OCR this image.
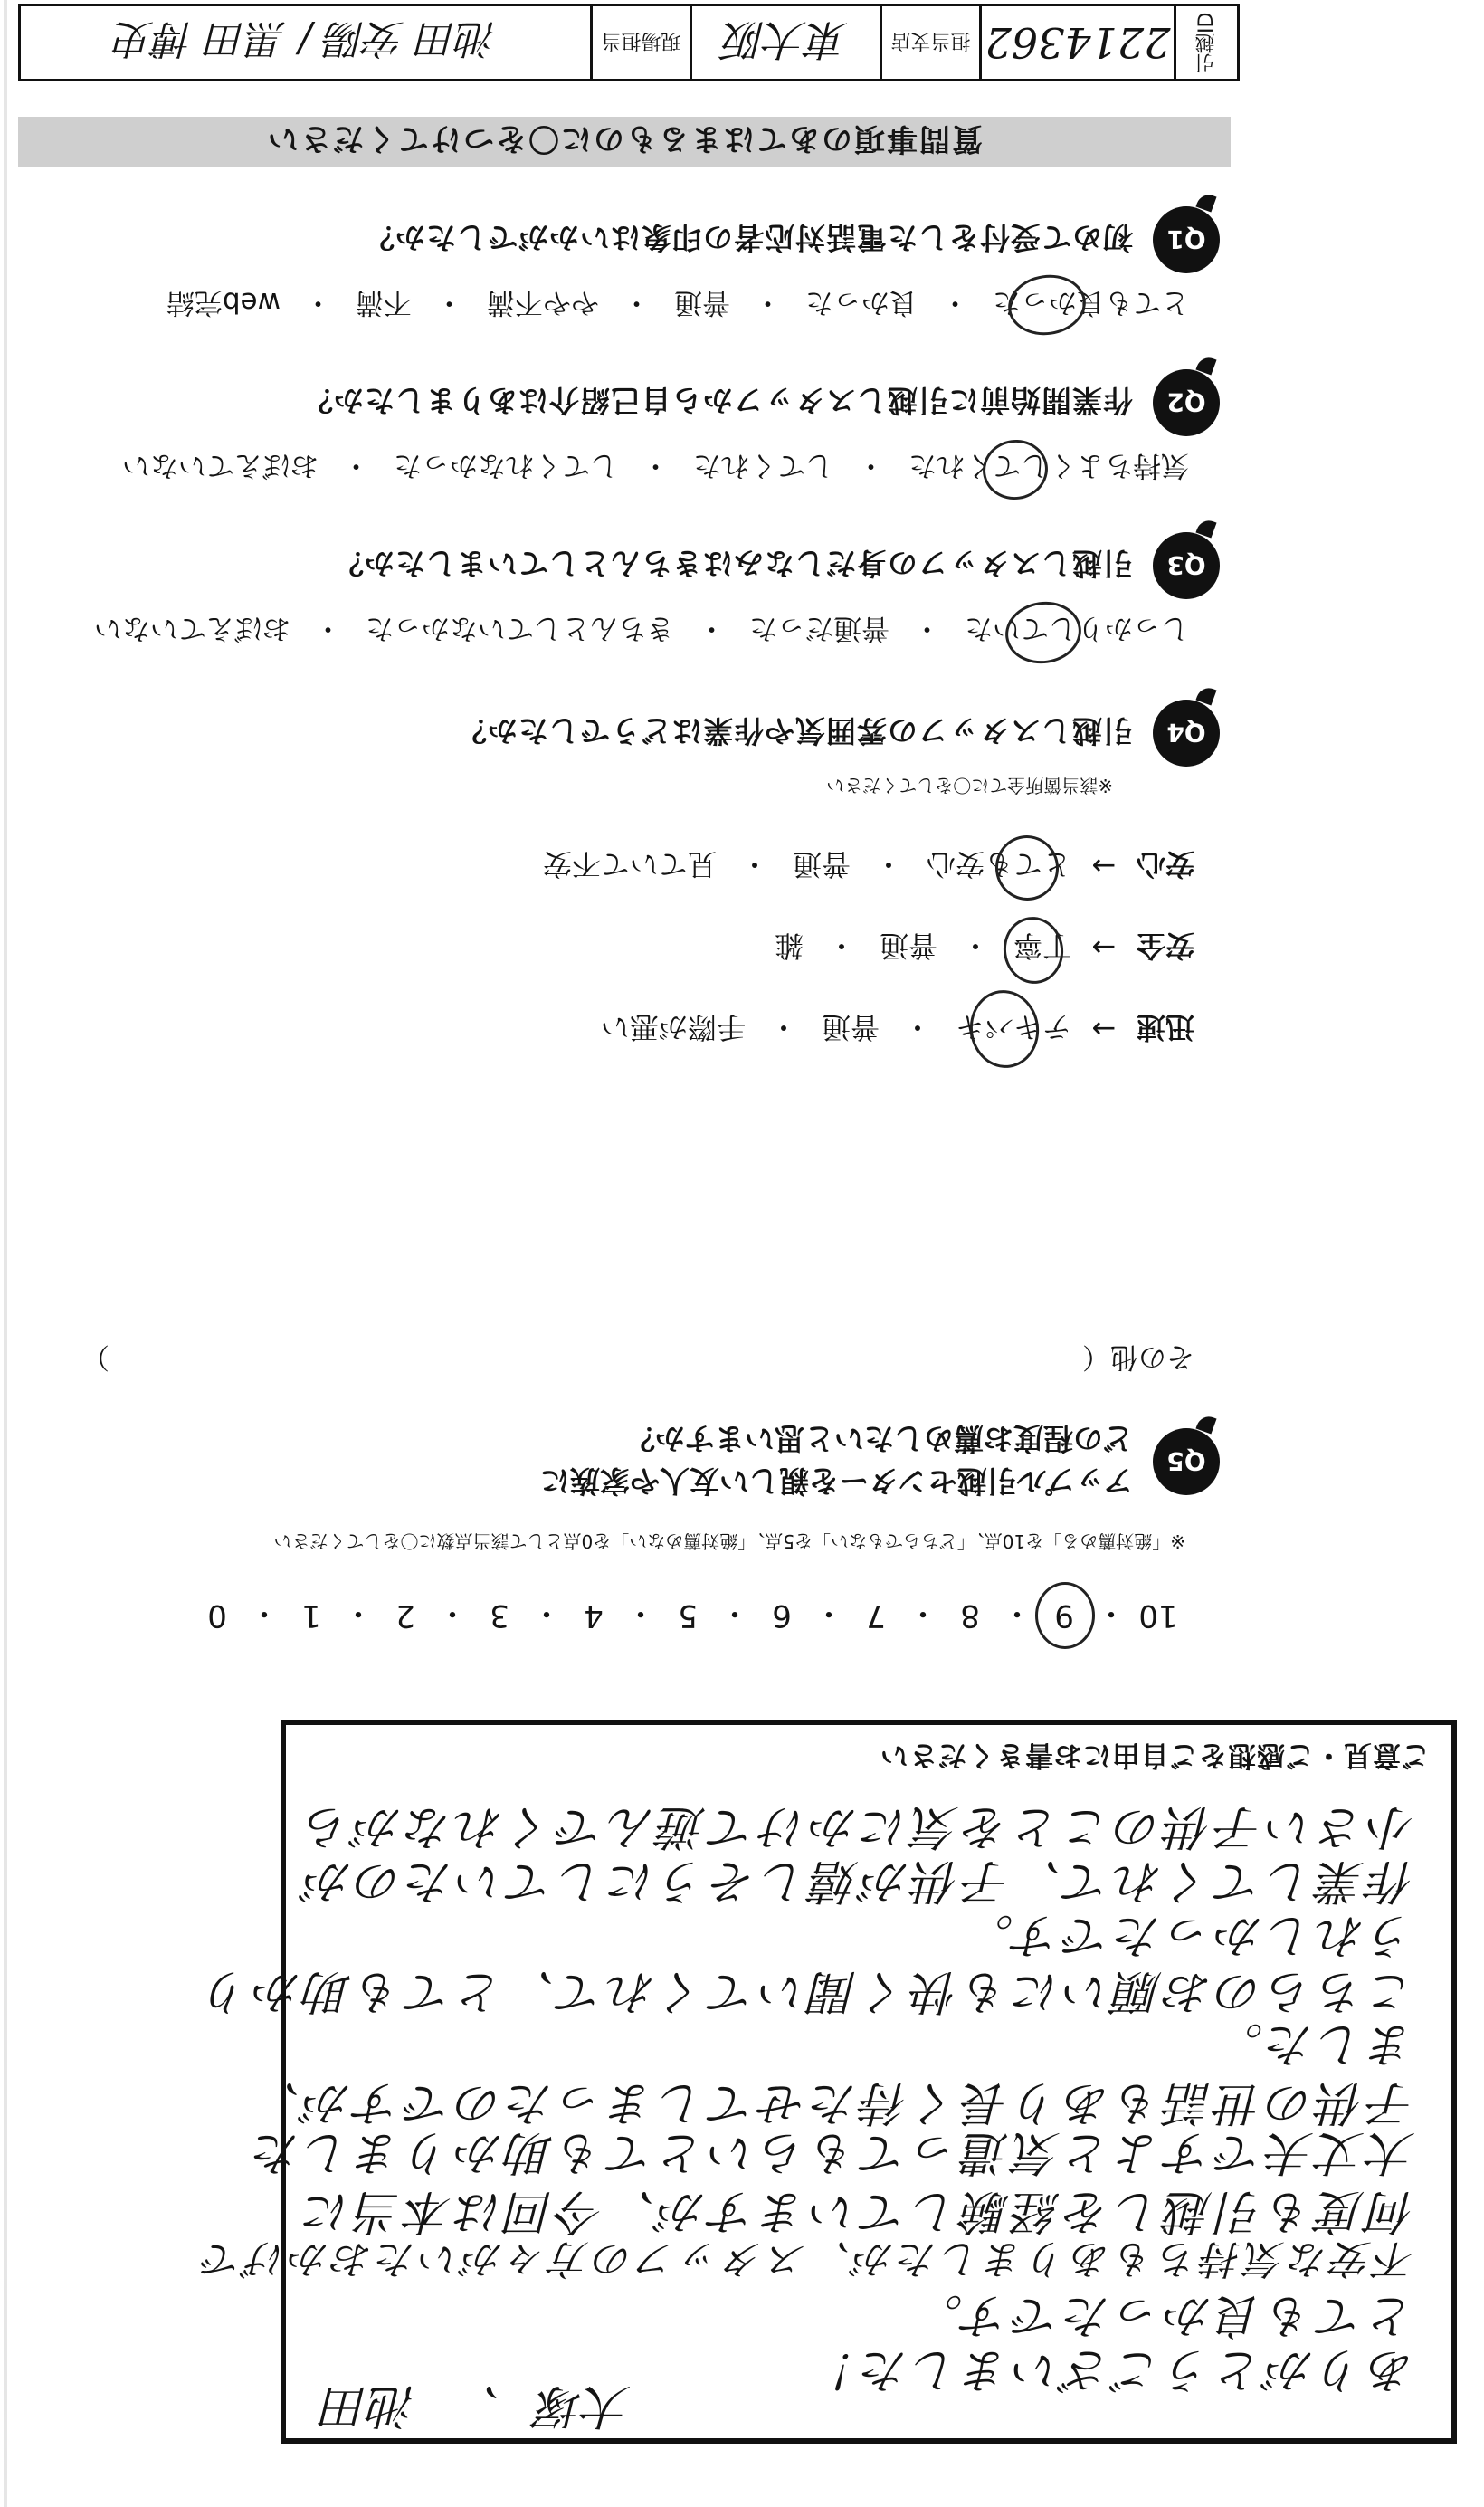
質問事項のあてはまるものに〇をつけてください
Q1
初めて受付をした電話対応者の印象はいかがでしたか？
とても良かった
・
良かった
・
普通
・
やや不満
・
不満
・
web完結
Q2
作業開始前に引越しスタッフから自己紹介はありましたか？
気持ちよくしてくれた
・
してくれた
・
してくれなかった
・
おぼえていない
Q3
引越しスタッフの身だしなみはきちんとしていましたか？
しっかりしていた
・
普通だった
・
きちんとしていなかった
・
おぼえていない
Q4
引越しスタッフの雰囲気や作業はどうでしたか？
※該当箇所全てに〇をしてください
安心
→
とても安心
・
普通
・
見ていて不安
安全
→
丁寧
・
普通
・
雑
迅速
→
テキパキ
・
普通
・
手際が悪い
その他（
）
Q5
アップル引越センターを親しい友人や家族に
どの程度お薦めしたいと思いますか？
※「絶対薦める」を10点、「どちらでもない」を5点、「絶対薦めない」を0点として該当点数に〇をしてください
10
・
9
・
8
・
7
・
6
・
5
・
4
・
3
・
2
・
1
・
0
ご意見・ご感想をご自由にお書きください
小さい子供のことを気にかけて遊んでくれながら
作業してくれて、子供が嬉しそうにしていたのが
うれしかったです。
こちらのお願いにも快く聞いてくれて、とても助かり
ました。
子供の世話もあり長く待たせてしまったのですが、
大丈夫ですよと気遣ってもらいとても助かりました
何度も引越しを経験していますが、今回は本当に
不安な気持ちもありましたが、スタッフの方々がいたおかげで
とても良かったです。
ありがとうございました！
大塚 、 池田
引越ID
2214362
担当支店
東大阪
現場担当
池田 安陽 / 黒田 博史
